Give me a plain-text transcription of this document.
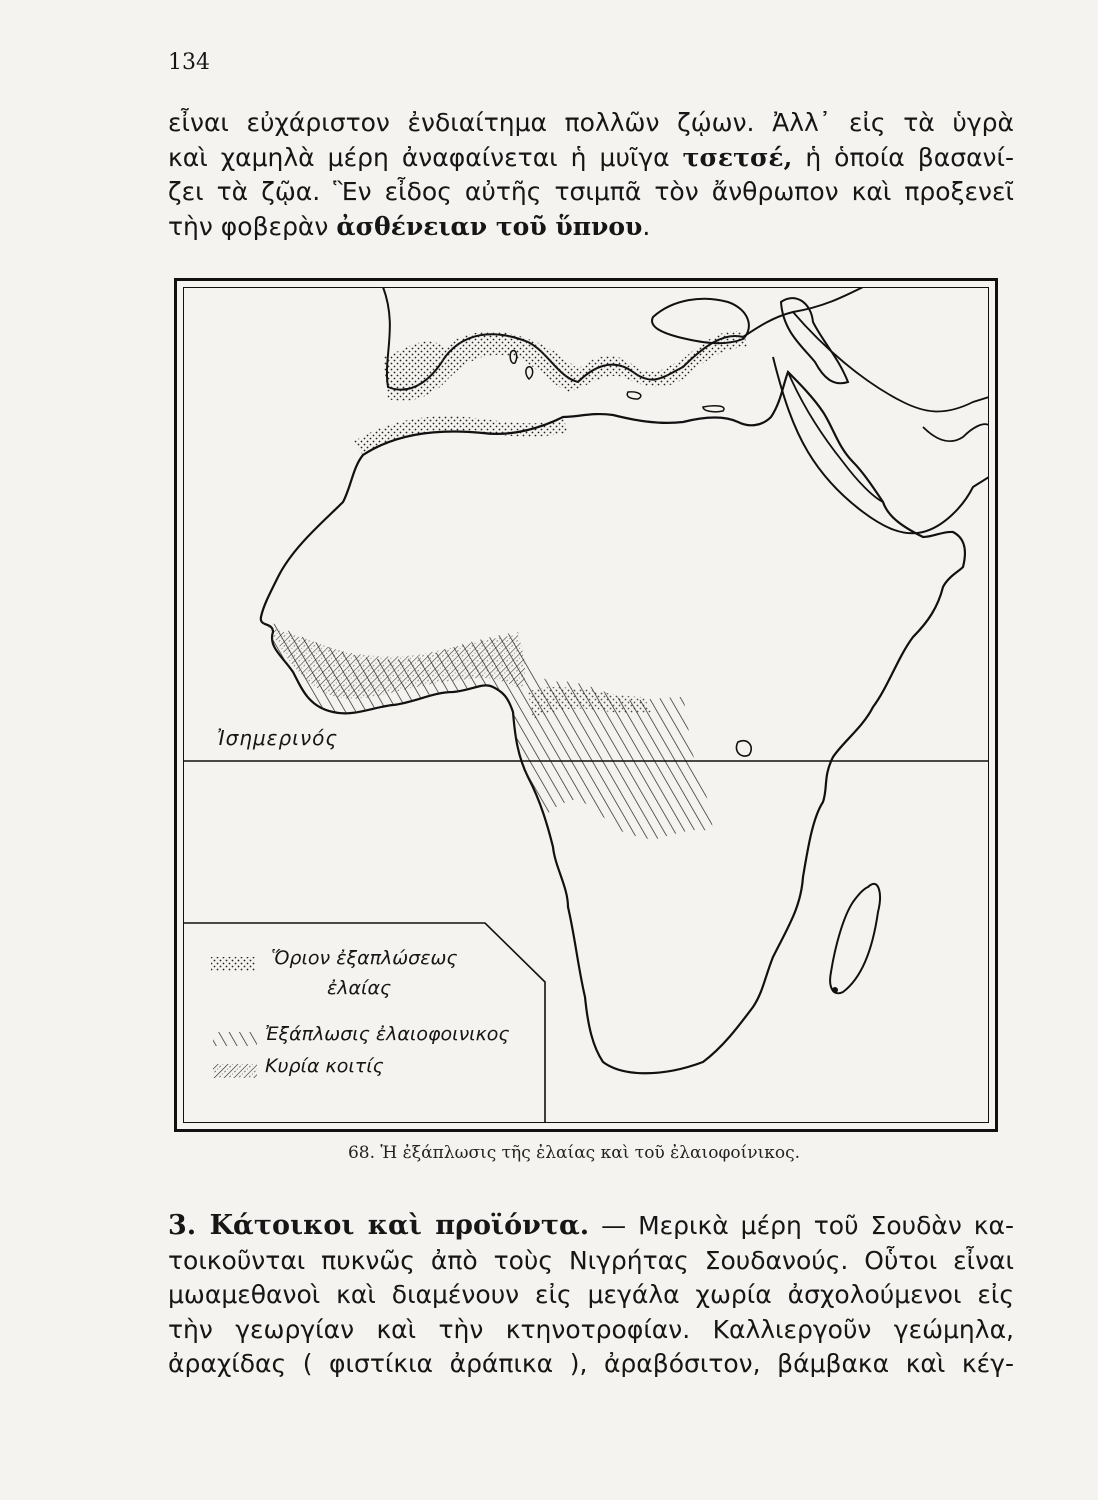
134

εἶναι εὐχάριστον ἐνδιαίτημα πολλῶν ζῴων. Ἀλλ᾿ εἰς τὰ ὑγρὰ
καὶ χαμηλὰ μέρη ἀναφαίνεται ἡ μυῖγα τσετσέ, ἡ ὁποία βασανί-
ζει τὰ ζῷα. Ἓν εἶδος αὐτῆς τσιμπᾶ τὸν ἄνθρωπον καὶ προξενεῖ
τὴν φοβερὰν ἀσθένειαν τοῦ ὕπνου.

Ἰσημερινός
Ὅριον ἐξαπλώσεως
ἐλαίας
Ἐξάπλωσις ἐλαιοφοινικος
Κυρία κοιτίς
68. Ἡ ἐξάπλωσις τῆς ἐλαίας καὶ τοῦ ἐλαιοφοίνικος.

3. Κάτοικοι καὶ προϊόντα. — Μερικὰ μέρη τοῦ Σουδὰν κα-
τοικοῦνται πυκνῶς ἀπὸ τοὺς Νιγρήτας Σουδανούς. Οὗτοι εἶναι
μωαμεθανοὶ καὶ διαμένουν εἰς μεγάλα χωρία ἀσχολούμενοι εἰς
τὴν γεωργίαν καὶ τὴν κτηνοτροφίαν. Καλλιεργοῦν γεώμηλα,
ἀραχίδας ( φιστίκια ἀράπικα ), ἀραβόσιτον, βάμβακα καὶ κέγ-
